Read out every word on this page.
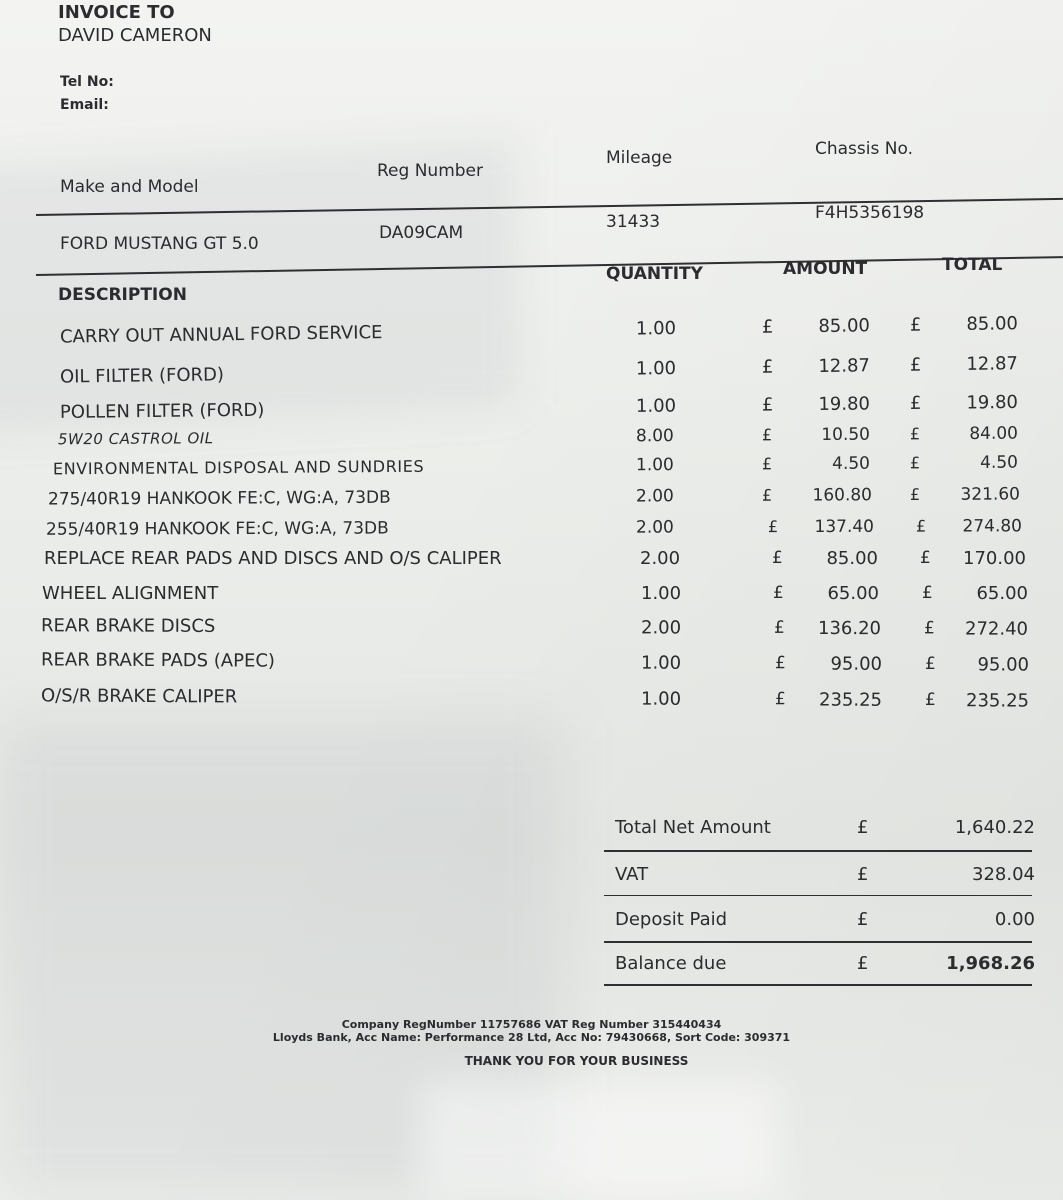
INVOICE TO
DAVID CAMERON
Tel No:
Email:
Make and Model
Reg Number
Mileage	Chassis No.
FORD MUSTANG GT 5.0
DA09CAM
31433	F4H5356198
DESCRIPTION
QUANTITY	AMOUNT	TOTAL
CARRY OUT ANNUAL FORD SERVICE	1.00	£	85.00 £	85.00
OIL FILTER (FORD)	1.00	£	12.87 £	12.87
POLLEN FILTER (FORD)	1.00	£	19.80 £	19.80
5W20 CASTROL OIL	8.00	£	10.50 £	84.00
ENVIRONMENTAL DISPOSAL AND SUNDRIES	1.00	£	4.50 £	4.50
275/40R19 HANKOOK FE:C, WG:A, 73DB	2.00	£	160.80 £	321.60
255/40R19 HANKOOK FE:C, WG:A, 73DB	2.00	£	137.40	£	274.80
REPLACE REAR PADS AND DISCS AND O/S CALIPER	2.00	£	85.00 £	170.00
WHEEL ALIGNMENT	1.00	£	65.00	£	65.00
REAR BRAKE DISCS	2.00	£	136.20	£	272.40
REAR BRAKE PADS (APEC)	1.00	£	95.00	£	95.00
O/S/R BRAKE CALIPER	1.00	£	235.25	£	235.25
Total Net Amount	£	1,640.22
VAT	£	328.04
Deposit Paid	£	0.00
Balance due	£	1,968.26
Company RegNumber 11757686 VAT Reg Number 315440434
Lloyds Bank, Acc Name: Performance 28 Ltd, Acc No: 79430668, Sort Code: 309371
THANK YOU FOR YOUR BUSINESS
